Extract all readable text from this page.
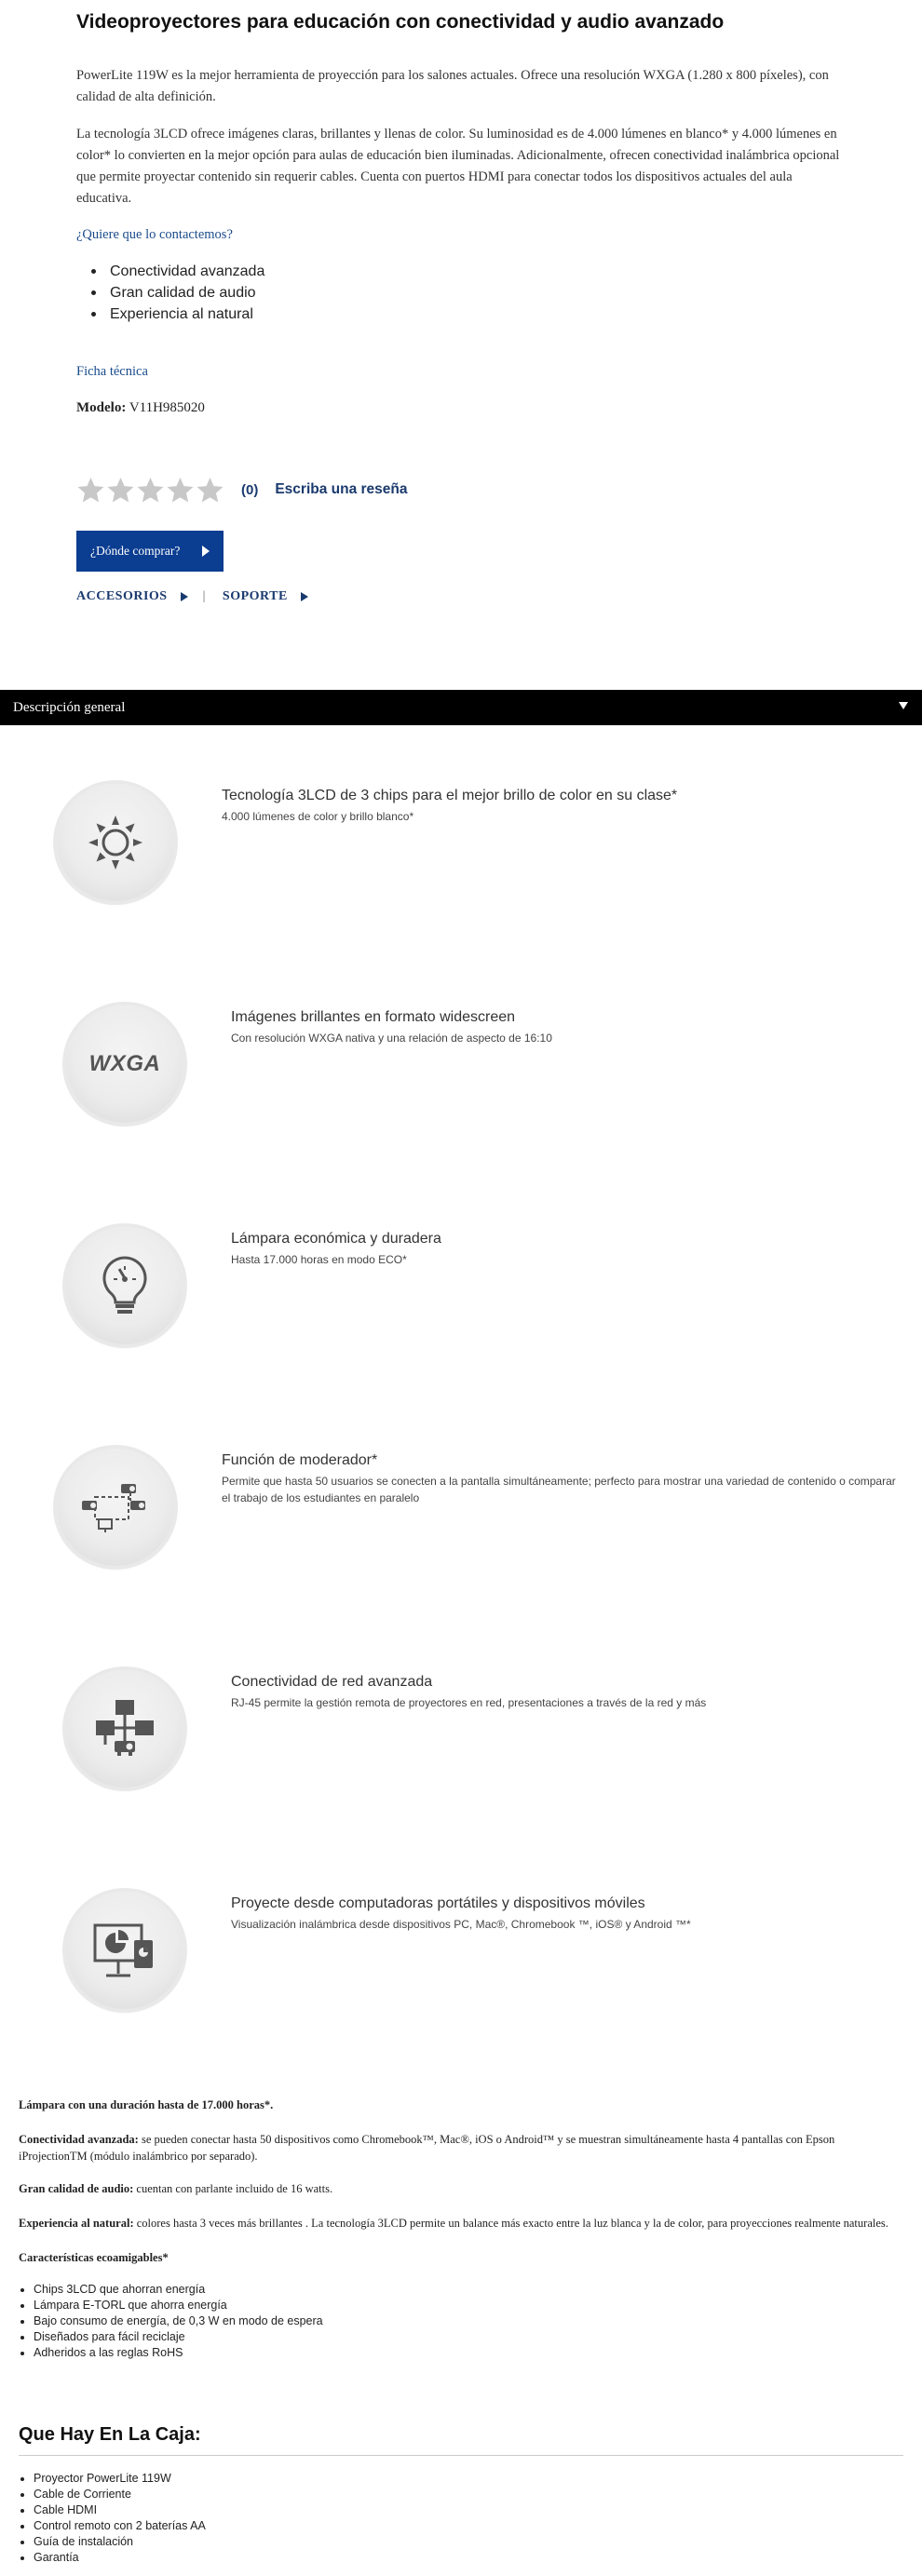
Videoproyectores para educación con conectividad y audio avanzado

PowerLite 119W es la mejor herramienta de proyección para los salones actuales. Ofrece una resolución WXGA (1.280 x 800 píxeles), con calidad de alta definición.

La tecnología 3LCD ofrece imágenes claras, brillantes y llenas de color. Su luminosidad es de 4.000 lúmenes en blanco* y 4.000 lúmenes en color* lo convierten en la mejor opción para aulas de educación bien iluminadas. Adicionalmente, ofrecen conectividad inalámbrica opcional que permite proyectar contenido sin requerir cables. Cuenta con puertos HDMI para conectar todos los dispositivos actuales del aula educativa.

¿Quiere que lo contactemos?
Conectividad avanzada
Gran calidad de audio
Experiencia al natural
Ficha técnica
Modelo: V11H985020
(0) Escriba una reseña
¿Dónde comprar?
ACCESORIOS	| SOPORTE
Descripción general
Tecnología 3LCD de 3 chips para el mejor brillo de color en su clase*
4.000 lúmenes de color y brillo blanco*
WXGA
Imágenes brillantes en formato widescreen
Con resolución WXGA nativa y una relación de aspecto de 16:10
Lámpara económica y duradera
Hasta 17.000 horas en modo ECO*
Función de moderador*
Permite que hasta 50 usuarios se conecten a la pantalla simultáneamente; perfecto para mostrar una variedad de contenido o comparar el trabajo de los estudiantes en paralelo
Conectividad de red avanzada
RJ-45 permite la gestión remota de proyectores en red, presentaciones a través de la red y más
Proyecte desde computadoras portátiles y dispositivos móviles
Visualización inalámbrica desde dispositivos PC, Mac®, Chromebook ™, iOS® y Android ™*
Lámpara con una duración hasta de 17.000 horas*.
Conectividad avanzada: se pueden conectar hasta 50 dispositivos como Chromebook™, Mac®, iOS o Android™ y se muestran simultáneamente hasta 4 pantallas con Epson iProjectionTM (módulo inalámbrico por separado).
Gran calidad de audio: cuentan con parlante incluido de 16 watts.
Experiencia al natural: colores hasta 3 veces más brillantes . La tecnología 3LCD permite un balance más exacto entre la luz blanca y la de color, para proyecciones realmente naturales.
Características ecoamigables*
Chips 3LCD que ahorran energía
Lámpara E-TORL que ahorra energía
Bajo consumo de energía, de 0,3 W en modo de espera
Diseñados para fácil reciclaje
Adheridos a las reglas RoHS
Que Hay En La Caja:
Proyector PowerLite 119W
Cable de Corriente
Cable HDMI
Control remoto con 2 baterías AA
Guía de instalación
Garantía
